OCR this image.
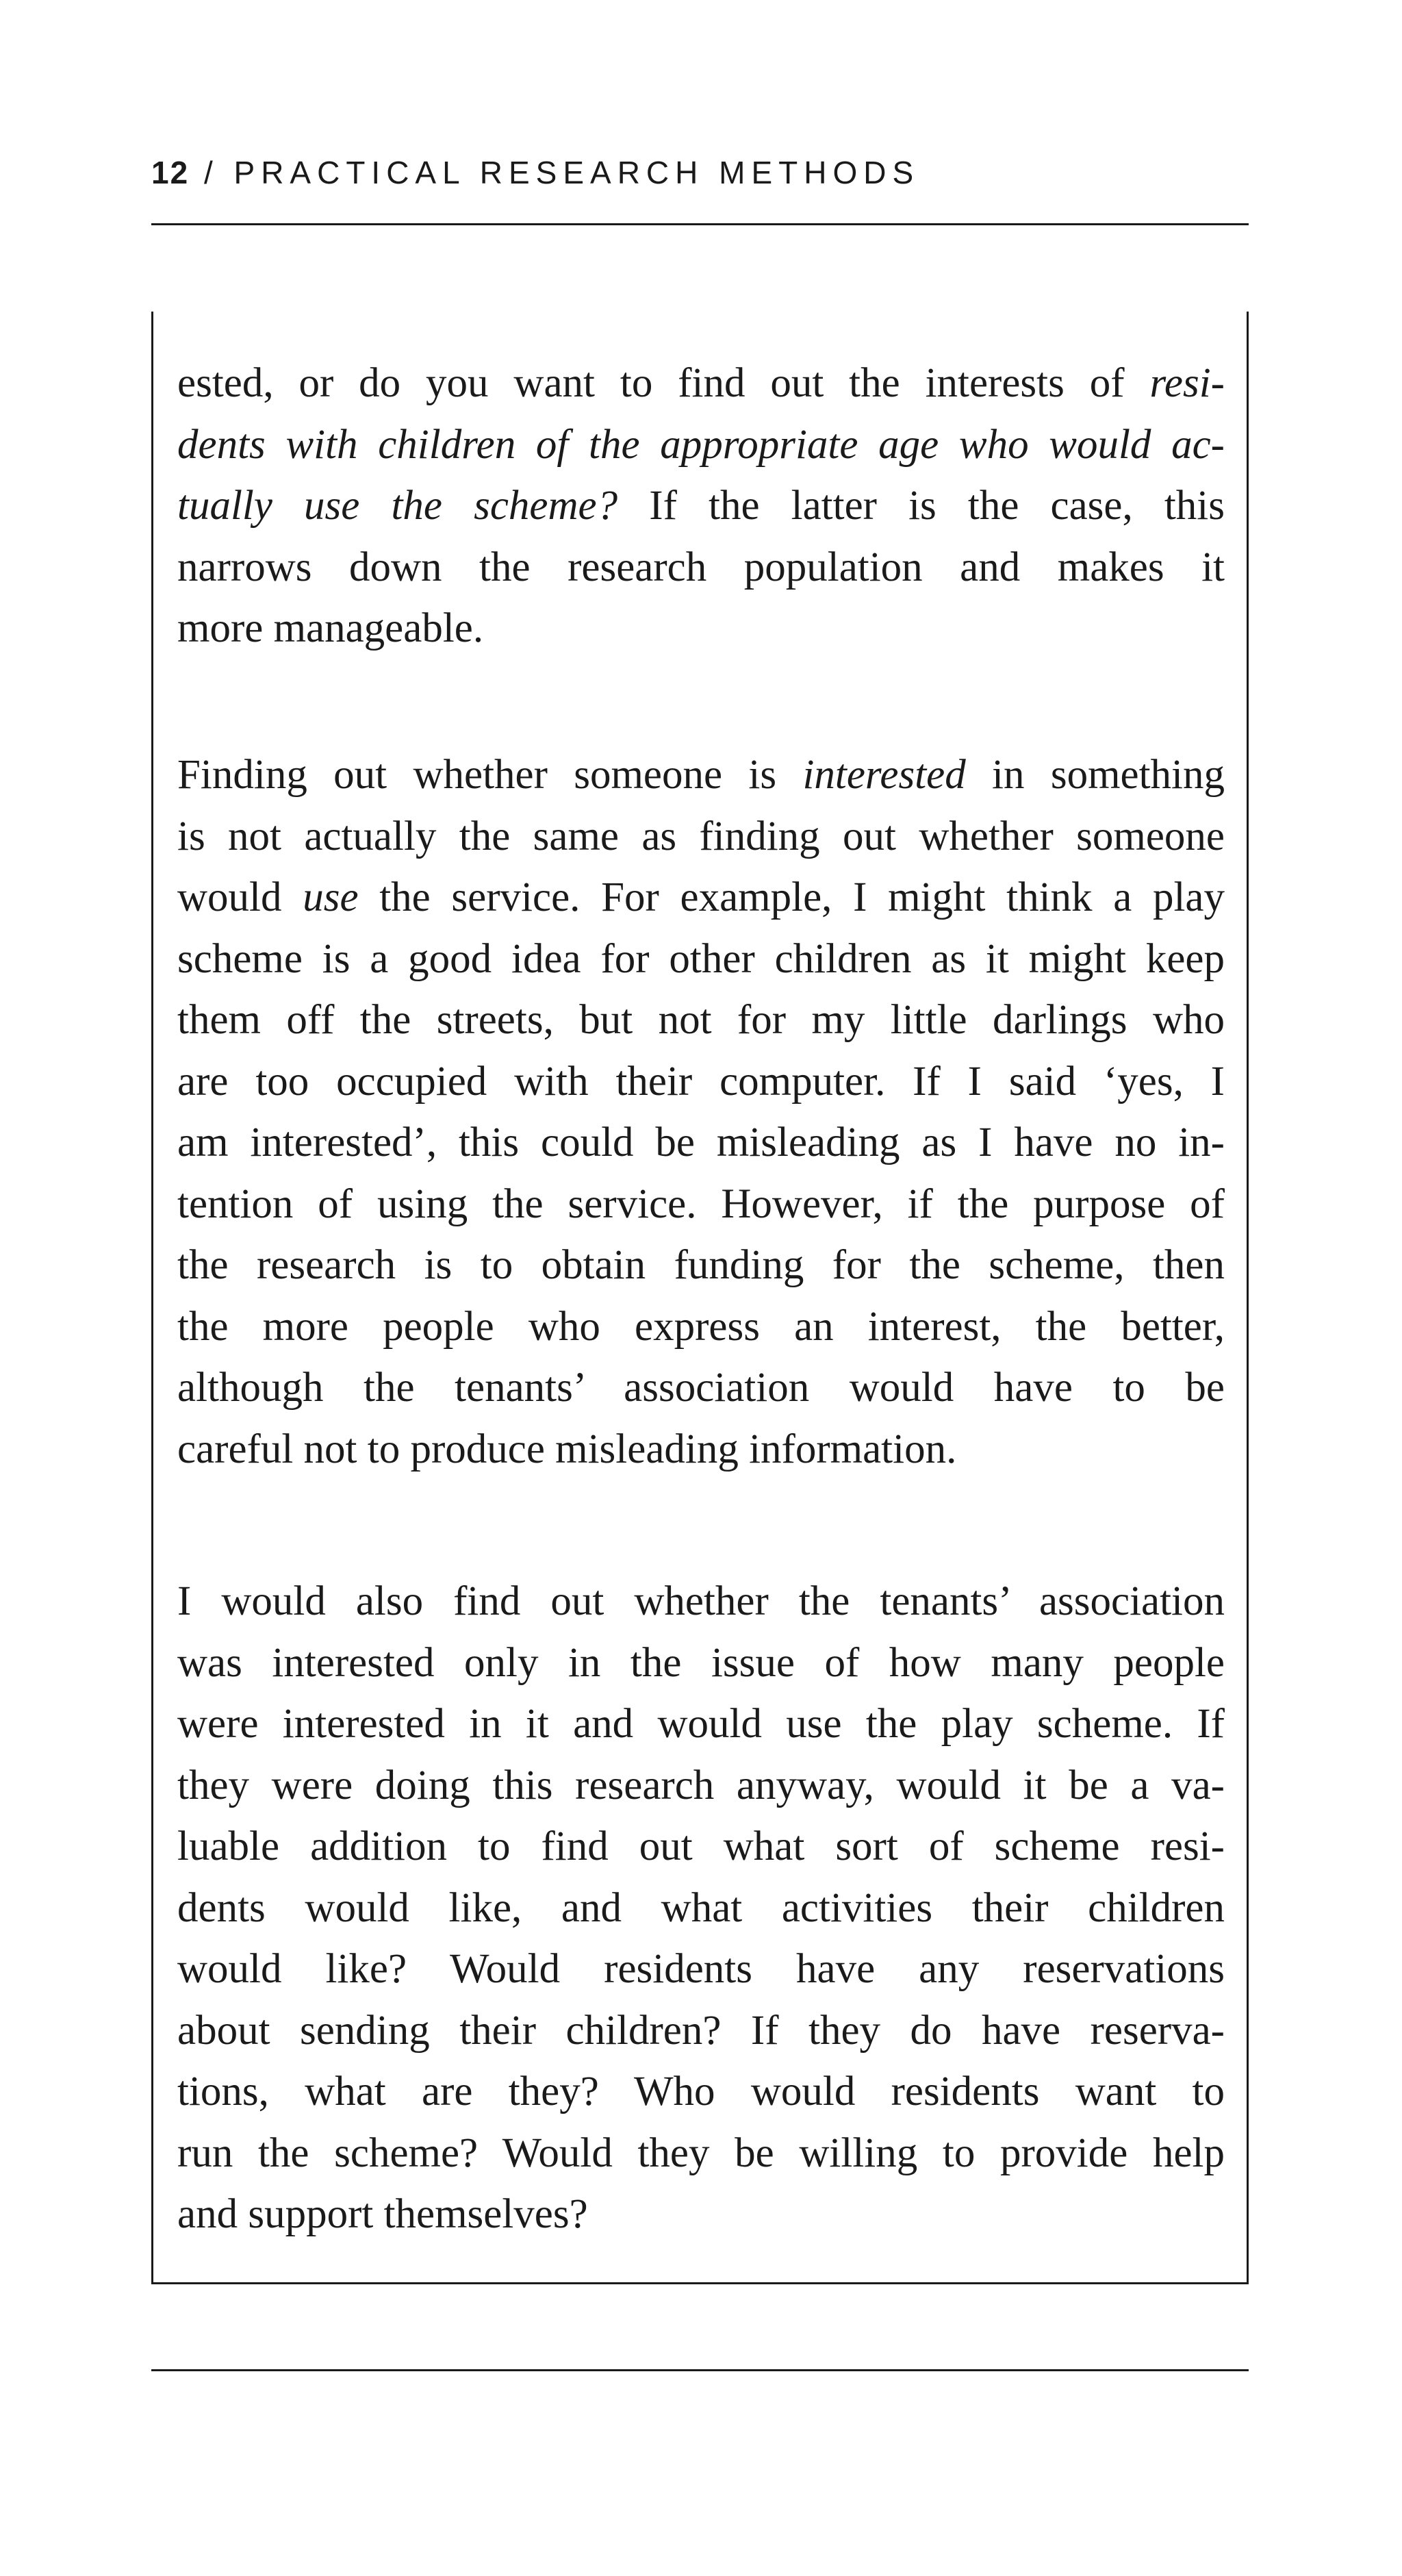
12 / PRACTICAL RESEARCH METHODS
ested, or do you want to find out the interests of resi-
dents with children of the appropriate age who would ac-
tually use the scheme? If the latter is the case, this
narrows down the research population and makes it
more manageable.
Finding out whether someone is interested in something
is not actually the same as finding out whether someone
would use the service. For example, I might think a play
scheme is a good idea for other children as it might keep
them off the streets, but not for my little darlings who
are too occupied with their computer. If I said ‘yes, I
am interested’, this could be misleading as I have no in-
tention of using the service. However, if the purpose of
the research is to obtain funding for the scheme, then
the more people who express an interest, the better,
although the tenants’ association would have to be
careful not to produce misleading information.
I would also find out whether the tenants’ association
was interested only in the issue of how many people
were interested in it and would use the play scheme. If
they were doing this research anyway, would it be a va-
luable addition to find out what sort of scheme resi-
dents would like, and what activities their children
would like? Would residents have any reservations
about sending their children? If they do have reserva-
tions, what are they? Who would residents want to
run the scheme? Would they be willing to provide help
and support themselves?
